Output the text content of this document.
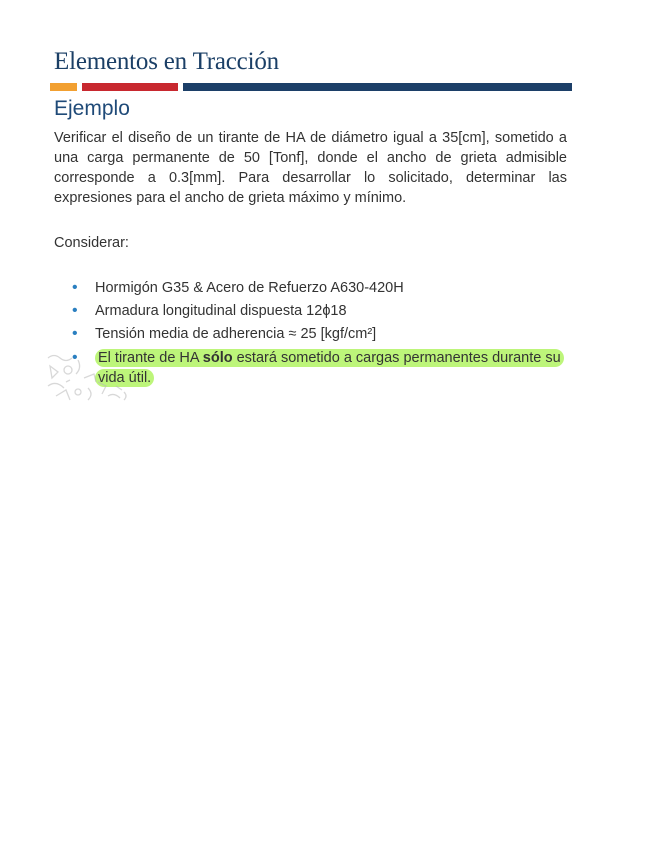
Elementos en Tracción
Ejemplo

Verificar el diseño de un tirante de HA de diámetro igual a 35[cm], sometido a una carga permanente de 50 [Tonf], donde el ancho de grieta admisible corresponde a 0.3[mm]. Para desarrollar lo solicitado, determinar las expresiones para el ancho de grieta máximo y mínimo.

Considerar:

• Hormigón G35 & Acero de Refuerzo A630-420H
• Armadura longitudinal dispuesta 12ϕ18
• Tensión media de adherencia ≈ 25 [kgf/cm²]
• El tirante de HA sólo estará sometido a cargas permanentes durante su vida útil.
